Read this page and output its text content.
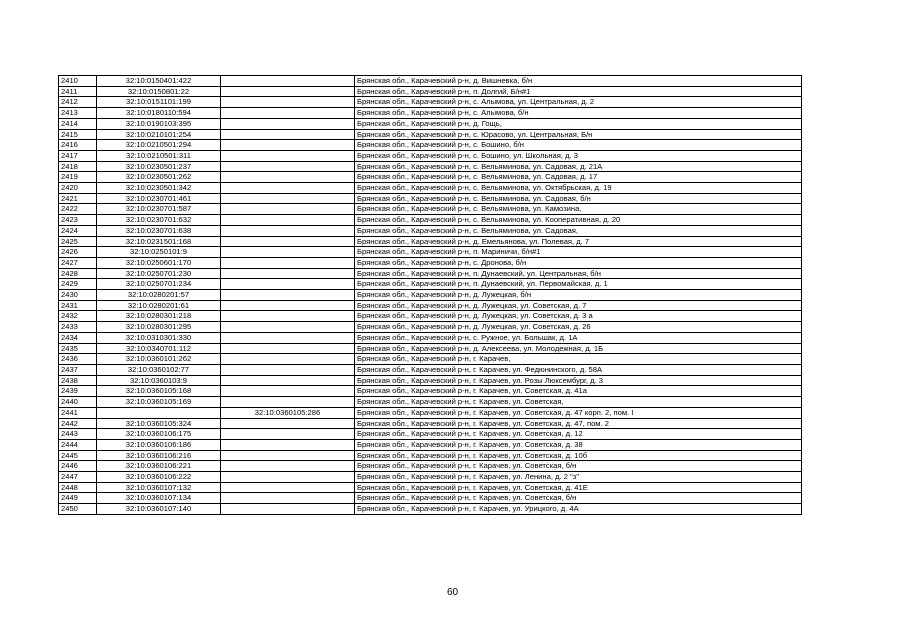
2410	32:10:0150401:422		Брянская обл., Карачевский р-н, д. Вишневка, б/н
2411	32:10:0150801:22		Брянская обл., Карачевский р-н, п. Долгий, Б/н#1
2412	32:10:0151101:199		Брянская обл., Карачевский р-н, с. Алымова, ул. Центральная, д. 2
2413	32:10:0180110:594		Брянская обл., Карачевский р-н, с. Алымова, б/н
2414	32:10:0190103:395		Брянская обл., Карачевский р-н, д. Гощь,
2415	32:10:0210101:254		Брянская обл., Карачевский р-н, с. Юрасово, ул. Центральная, Б/н
2416	32:10:0210501:294		Брянская обл., Карачевский р-н, с. Бошино, б/н
2417	32:10:0210501:311		Брянская обл., Карачевский р-н, с. Бошино, ул. Школьная, д. 3
2418	32:10:0230501:237		Брянская обл., Карачевский р-н, с. Вельяминова, ул. Садовая, д. 21А
2419	32:10:0230501:262		Брянская обл., Карачевский р-н, с. Вельяминова, ул. Садовая, д. 17
2420	32:10:0230501:342		Брянская обл., Карачевский р-н, с. Вельяминова, ул. Октябрьская, д. 19
2421	32:10:0230701:461		Брянская обл., Карачевский р-н, с. Вельяминова, ул. Садовая, б/н
2422	32:10:0230701:587		Брянская обл., Карачевский р-н, с. Вельяминова, ул. Камозина,
2423	32:10:0230701:632		Брянская обл., Карачевский р-н, с. Вельяминова, ул. Кооперативная, д. 20
2424	32:10:0230701:638		Брянская обл., Карачевский р-н, с. Вельяминова, ул. Садовая,
2425	32:10:0231501:168		Брянская обл., Карачевский р-н, д. Емельянова, ул. Полевая, д. 7
2426	32:10:0250101:9		Брянская обл., Карачевский р-н, п. Мариничи, б/н#1
2427	32:10:0250601:170		Брянская обл., Карачевский р-н, с. Дронова, б/н
2428	32:10:0250701:230		Брянская обл., Карачевский р-н, п. Дунаевский, ул. Центральная, б/н
2429	32:10:0250701:234		Брянская обл., Карачевский р-н, п. Дунаевский, ул. Первомайская, д. 1
2430	32:10:0280201:57		Брянская обл., Карачевский р-н, д. Лужецкая, б/н
2431	32:10:0280201:61		Брянская обл., Карачевский р-н, д. Лужецкая, ул. Советская, д. 7
2432	32:10:0280301:218		Брянская обл., Карачевский р-н, д. Лужецкая, ул. Советская, д. 3 а
2433	32:10:0280301:295		Брянская обл., Карачевский р-н, д. Лужецкая, ул. Советская, д. 26
2434	32:10:0310301:330		Брянская обл., Карачевский р-н, с. Ружное, ул. Большак, д. 1А
2435	32:10:0340701:112		Брянская обл., Карачевский р-н, д. Алексеева, ул. Молодежная, д. 1Б
2436	32:10:0360101:262		Брянская обл., Карачевский р-н, г. Карачев,
2437	32:10:0360102:77		Брянская обл., Карачевский р-н, г. Карачев, ул. Федюнинского, д. 58А
2438	32:10:0360103:9		Брянская обл., Карачевский р-н, г. Карачев, ул. Розы Люксембург, д. 3
2439	32:10:0360105:168		Брянская обл., Карачевский р-н, г. Карачев, ул. Советская, д. 41а
2440	32:10:0360105:169		Брянская обл., Карачевский р-н, г. Карачев, ул. Советская,
2441		32:10:0360105:286	Брянская обл., Карачевский р-н, г. Карачев, ул. Советская, д. 47 корп. 2, пом. I
2442	32:10:0360105:324		Брянская обл., Карачевский р-н, г. Карачев, ул. Советская, д. 47, пом. 2
2443	32:10:0360106:175		Брянская обл., Карачевский р-н, г. Карачев, ул. Советская, д. 12
2444	32:10:0360106:186		Брянская обл., Карачевский р-н, г. Карачев, ул. Советская, д. 38
2445	32:10:0360106:216		Брянская обл., Карачевский р-н, г. Карачев, ул. Советская, д. 10б
2446	32:10:0360106:221		Брянская обл., Карачевский р-н, г. Карачев, ул. Советская, б/н
2447	32:10:0360106:222		Брянская обл., Карачевский р-н, г. Карачев, ул. Ленина, д. 2 "з"
2448	32:10:0360107:132		Брянская обл., Карачевский р-н, г. Карачев, ул. Советская, д. 41Е
2449	32:10:0360107:134		Брянская обл., Карачевский р-н, г. Карачев, ул. Советская, б/н
2450	32:10:0360107:140		Брянская обл., Карачевский р-н, г. Карачев, ул. Урицкого, д. 4А
60
